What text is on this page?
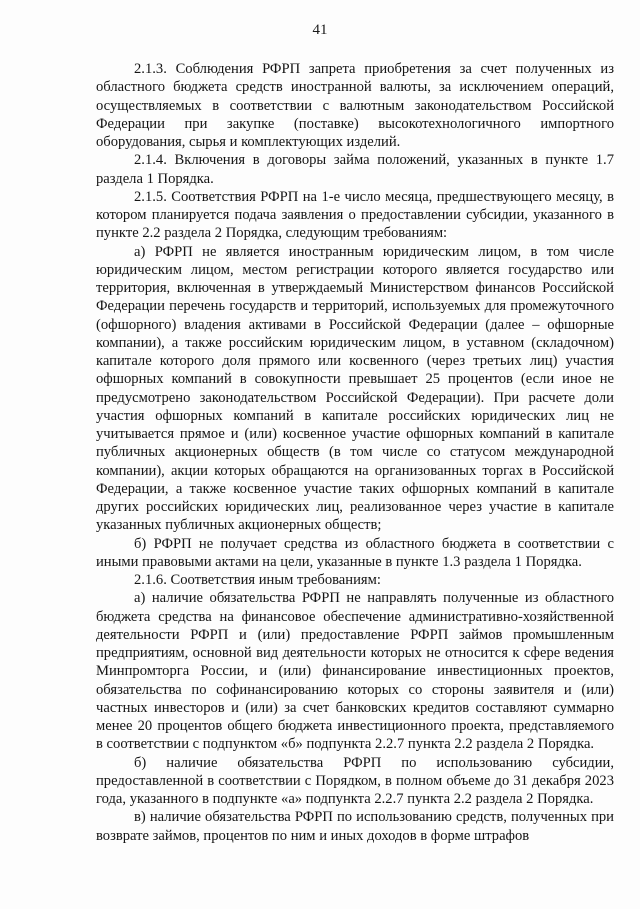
41

2.1.3. Соблюдения РФРП запрета приобретения за счет полученных из областного бюджета средств иностранной валюты, за исключением операций, осуществляемых в соответствии с валютным законодательством Российской Федерации при закупке (поставке) высокотехнологичного импортного оборудования, сырья и комплектующих изделий.

2.1.4. Включения в договоры займа положений, указанных в пункте 1.7 раздела 1 Порядка.

2.1.5. Соответствия РФРП на 1-е число месяца, предшествующего месяцу, в котором планируется подача заявления о предоставлении субсидии, указанного в пункте 2.2 раздела 2 Порядка, следующим требованиям:

а) РФРП не является иностранным юридическим лицом, в том числе юридическим лицом, местом регистрации которого является государство или территория, включенная в утверждаемый Министерством финансов Российской Федерации перечень государств и территорий, используемых для промежуточного (офшорного) владения активами в Российской Федерации (далее – офшорные компании), а также российским юридическим лицом, в уставном (складочном) капитале которого доля прямого или косвенного (через третьих лиц) участия офшорных компаний в совокупности превышает 25 процентов (если иное не предусмотрено законодательством Российской Федерации). При расчете доли участия офшорных компаний в капитале российских юридических лиц не учитывается прямое и (или) косвенное участие офшорных компаний в капитале публичных акционерных обществ (в том числе со статусом международной компании), акции которых обращаются на организованных торгах в Российской Федерации, а также косвенное участие таких офшорных компаний в капитале других российских юридических лиц, реализованное через участие в капитале указанных публичных акционерных обществ;

б) РФРП не получает средства из областного бюджета в соответствии с иными правовыми актами на цели, указанные в пункте 1.3 раздела 1 Порядка.

2.1.6. Соответствия иным требованиям:

а) наличие обязательства РФРП не направлять полученные из областного бюджета средства на финансовое обеспечение административно-хозяйственной деятельности РФРП и (или) предоставление РФРП займов промышленным предприятиям, основной вид деятельности которых не относится к сфере ведения Минпромторга России, и (или) финансирование инвестиционных проектов, обязательства по софинансированию которых со стороны заявителя и (или) частных инвесторов и (или) за счет банковских кредитов составляют суммарно менее 20 процентов общего бюджета инвестиционного проекта, представляемого в соответствии с подпунктом «б» подпункта 2.2.7 пункта 2.2 раздела 2 Порядка.

б) наличие обязательства РФРП по использованию субсидии, предоставленной в соответствии с Порядком, в полном объеме до 31 декабря 2023 года, указанного в подпункте «а» подпункта 2.2.7 пункта 2.2 раздела 2 Порядка.

в) наличие обязательства РФРП по использованию средств, полученных при возврате займов, процентов по ним и иных доходов в форме штрафов
